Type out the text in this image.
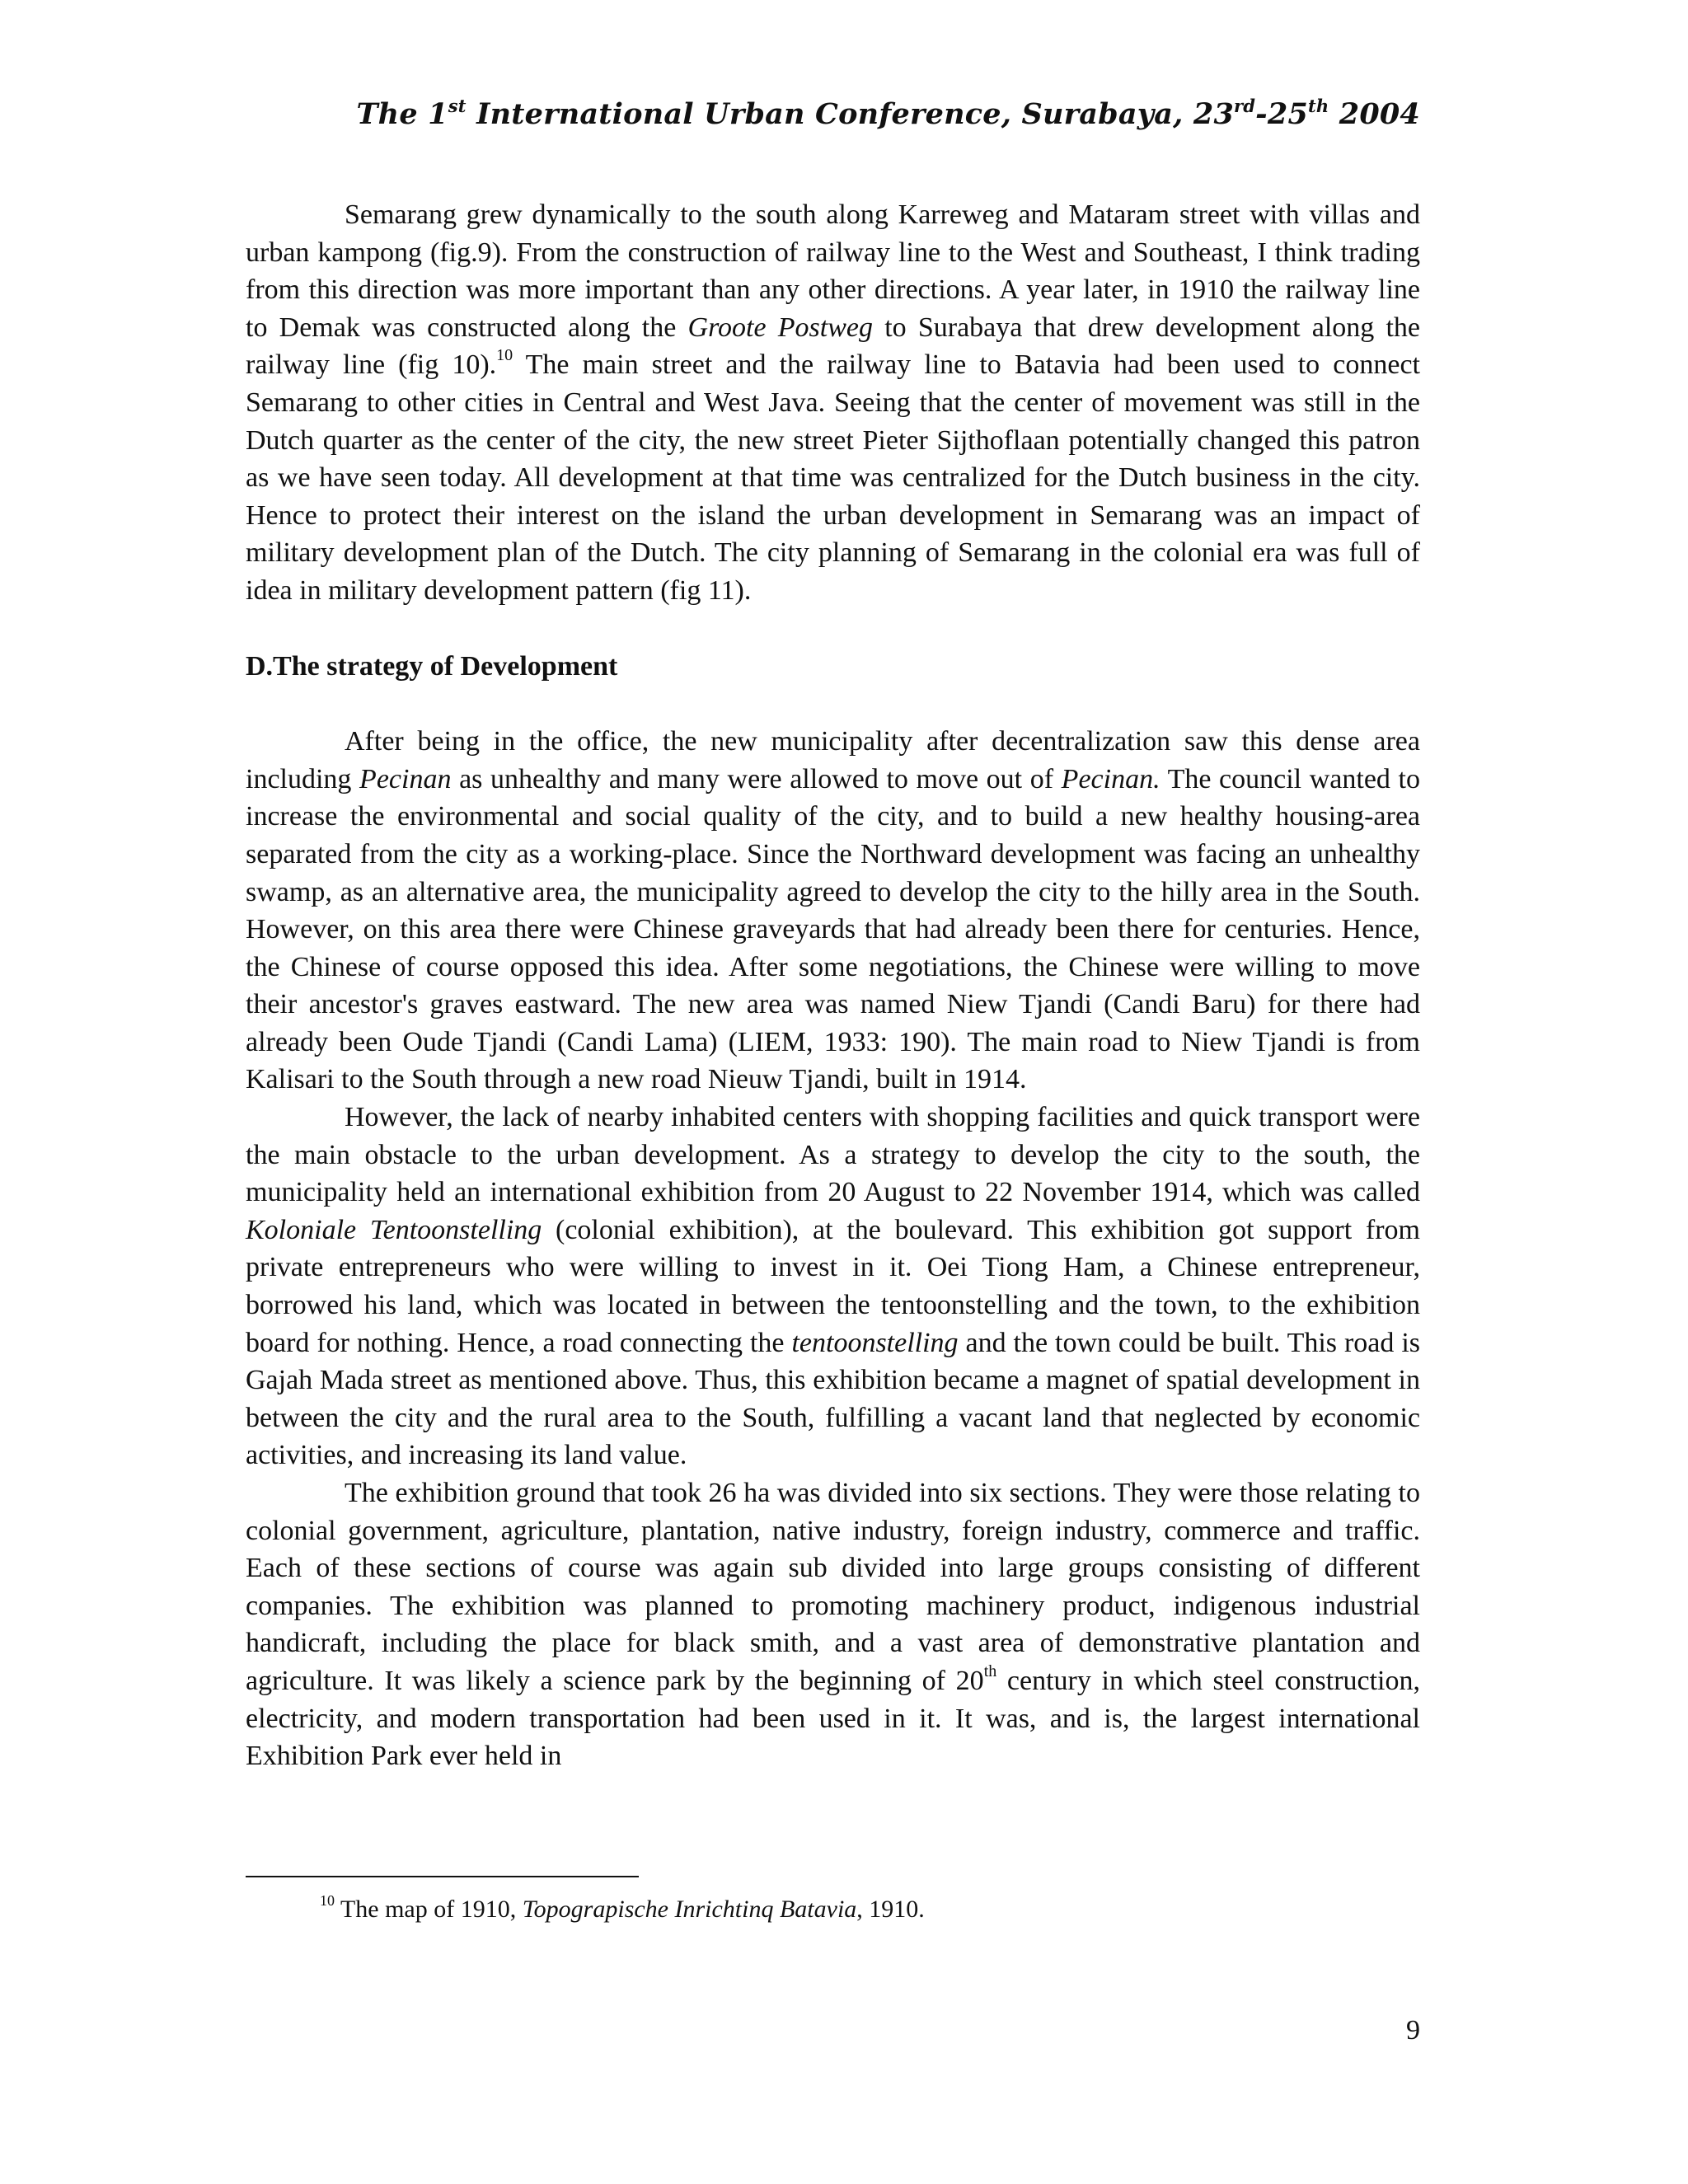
The 1st International Urban Conference, Surabaya, 23rd-25th 2004

Semarang grew dynamically to the south along Karreweg and Mataram street with villas and urban kampong (fig.9). From the construction of railway line to the West and Southeast, I think trading from this direction was more important than any other directions. A year later, in 1910 the railway line to Demak was constructed along the Groote Postweg to Surabaya that drew development along the railway line (fig 10).$^{10}$ The main street and the railway line to Batavia had been used to connect Semarang to other cities in Central and West Java. Seeing that the center of movement was still in the Dutch quarter as the center of the city, the new street Pieter Sijthoflaan potentially changed this patron as we have seen today. All development at that time was centralized for the Dutch business in the city. Hence to protect their interest on the island the urban development in Semarang was an impact of military development plan of the Dutch. The city planning of Semarang in the colonial era was full of idea in military development pattern (fig 11).

D.The strategy of Development

After being in the office, the new municipality after decentralization saw this dense area including Pecinan as unhealthy and many were allowed to move out of Pecinan. The council wanted to increase the environmental and social quality of the city, and to build a new healthy housing-area separated from the city as a working-place. Since the Northward development was facing an unhealthy swamp, as an alternative area, the municipality agreed to develop the city to the hilly area in the South. However, on this area there were Chinese graveyards that had already been there for centuries. Hence, the Chinese of course opposed this idea. After some negotiations, the Chinese were willing to move their ancestor's graves eastward. The new area was named Niew Tjandi (Candi Baru) for there had already been Oude Tjandi (Candi Lama) (LIEM, 1933: 190). The main road to Niew Tjandi is from Kalisari to the South through a new road Nieuw Tjandi, built in 1914.

However, the lack of nearby inhabited centers with shopping facilities and quick transport were the main obstacle to the urban development. As a strategy to develop the city to the south, the municipality held an international exhibition from 20 August to 22 November 1914, which was called Koloniale Tentoonstelling (colonial exhibition), at the boulevard. This exhibition got support from private entrepreneurs who were willing to invest in it. Oei Tiong Ham, a Chinese entrepreneur, borrowed his land, which was located in between the tentoonstelling and the town, to the exhibition board for nothing. Hence, a road connecting the tentoonstelling and the town could be built. This road is Gajah Mada street as mentioned above. Thus, this exhibition became a magnet of spatial development in between the city and the rural area to the South, fulfilling a vacant land that neglected by economic activities, and increasing its land value.

The exhibition ground that took 26 ha was divided into six sections. They were those relating to colonial government, agriculture, plantation, native industry, foreign industry, commerce and traffic. Each of these sections of course was again sub divided into large groups consisting of different companies. The exhibition was planned to promoting machinery product, indigenous industrial handicraft, including the place for black smith, and a vast area of demonstrative plantation and agriculture. It was likely a science park by the beginning of 20th century in which steel construction, electricity, and modern transportation had been used in it. It was, and is, the largest international Exhibition Park ever held in

$^{10}$ The map of 1910, Topograpische Inrichtinq Batavia, 1910.
9
